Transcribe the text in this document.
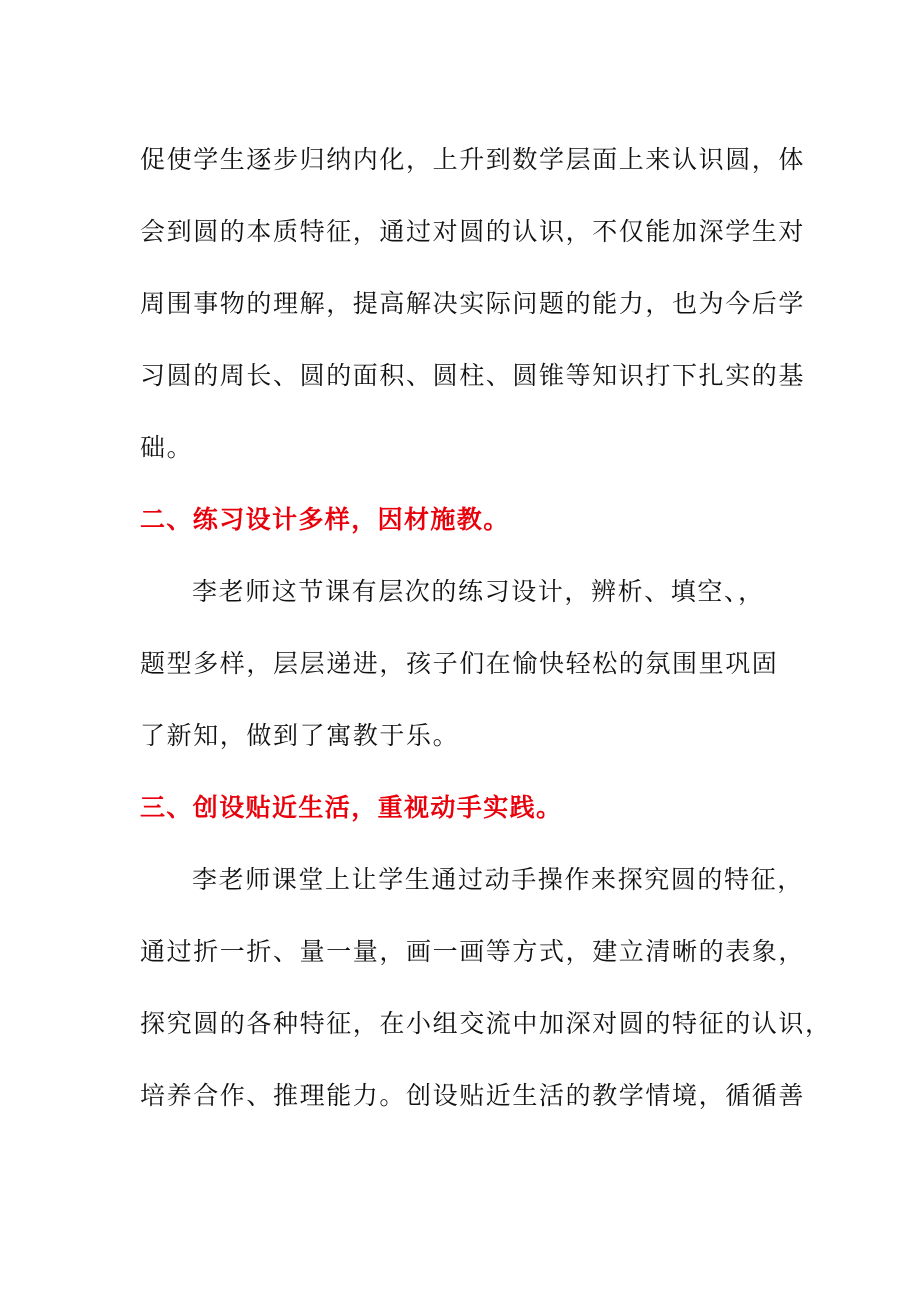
促使学生逐步归纳内化，上升到数学层面上来认识圆，体
会到圆的本质特征，通过对圆的认识，不仅能加深学生对
周围事物的理解，提高解决实际问题的能力，也为今后学
习圆的周长、圆的面积、圆柱、圆锥等知识打下扎实的基
础。
二、练习设计多样，因材施教。
李老师这节课有层次的练习设计，辨析、填空、，
题型多样，层层递进，孩子们在愉快轻松的氛围里巩固
了新知，做到了寓教于乐。
三、创设贴近生活，重视动手实践。
李老师课堂上让学生通过动手操作来探究圆的特征，
通过折一折、量一量，画一画等方式，建立清晰的表象，
探究圆的各种特征，在小组交流中加深对圆的特征的认识，
培养合作、推理能力。创设贴近生活的教学情境，循循善
